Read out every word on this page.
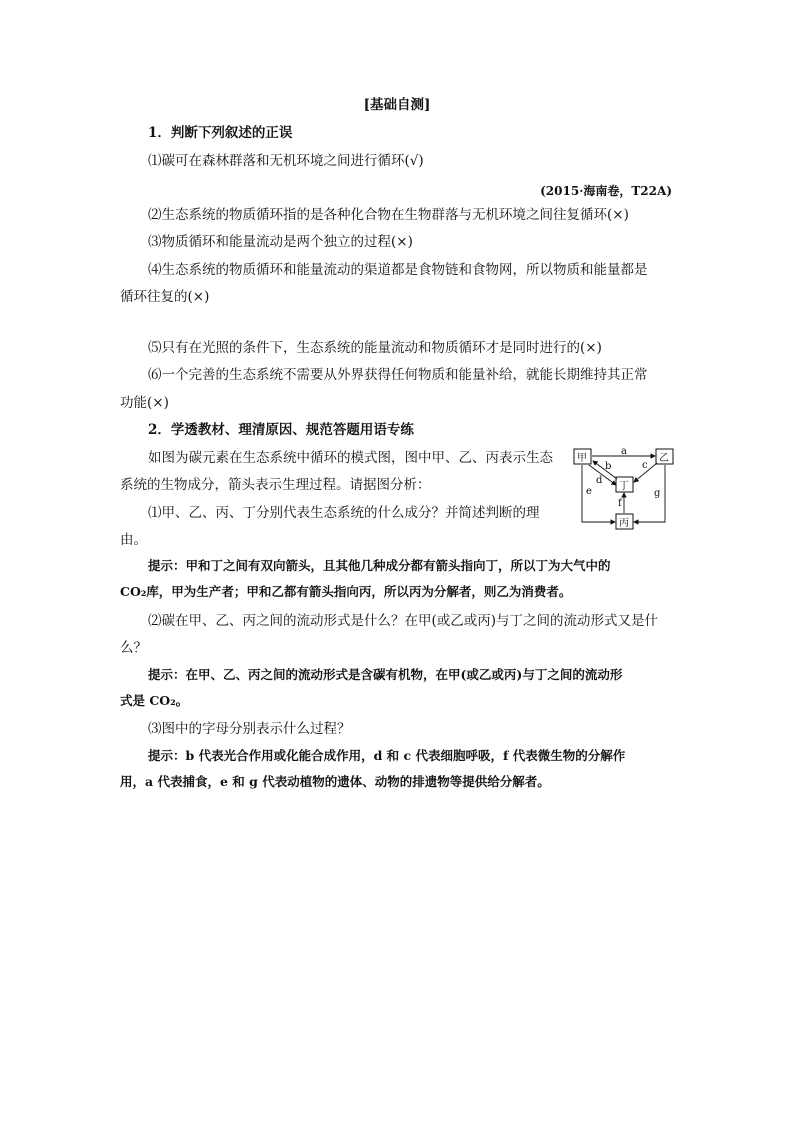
[基础自测]
1．判断下列叙述的正误
⑴碳可在森林群落和无机环境之间进行循环(√)
(2015·海南卷，T22A)
⑵生态系统的物质循环指的是各种化合物在生物群落与无机环境之间往复循环(×)
⑶物质循环和能量流动是两个独立的过程(×)
⑷生态系统的物质循环和能量流动的渠道都是食物链和食物网，所以物质和能量都是
循环往复的(×)
⑸只有在光照的条件下，生态系统的能量流动和物质循环才是同时进行的(×)
⑹一个完善的生态系统不需要从外界获得任何物质和能量补给，就能长期维持其正常
功能(×)
2．学透教材、理清原因、规范答题用语专练
如图为碳元素在生态系统中循环的模式图，图中甲、乙、丙表示生态
系统的生物成分，箭头表示生理过程。请据图分析：
⑴甲、乙、丙、丁分别代表生态系统的什么成分？并简述判断的理
由。
提示：甲和丁之间有双向箭头，且其他几种成分都有箭头指向丁，所以丁为大气中的
CO₂库，甲为生产者；甲和乙都有箭头指向丙，所以丙为分解者，则乙为消费者。
⑵碳在甲、乙、丙之间的流动形式是什么？在甲(或乙或丙)与丁之间的流动形式又是什
么？
提示：在甲、乙、丙之间的流动形式是含碳有机物，在甲(或乙或丙)与丁之间的流动形
式是 CO₂。
⑶图中的字母分别表示什么过程？
提示：b 代表光合作用或化能合成作用，d 和 c 代表细胞呼吸，f 代表微生物的分解作
用，a 代表捕食，e 和 g 代表动植物的遗体、动物的排遗物等提供给分解者。
甲	乙
丁
丙
a
b
d
c
e
f
g
